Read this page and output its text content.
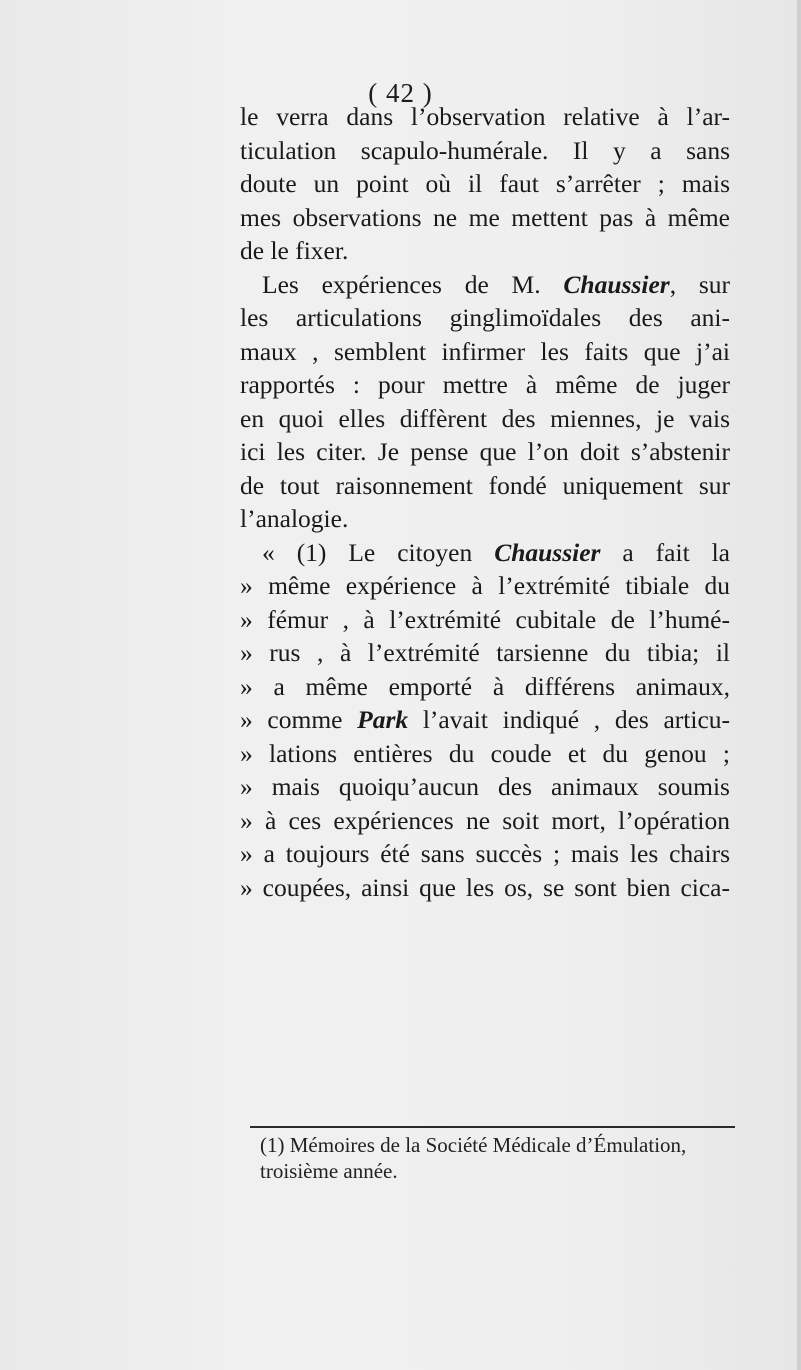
( 42 )
le verra dans l’observation relative à l’ar-
ticulation scapulo-humérale. Il y a sans
doute un point où il faut s’arrêter ; mais
mes observations ne me mettent pas à même
de le fixer.
Les expériences de M. Chaussier, sur
les articulations ginglimoïdales des ani-
maux , semblent infirmer les faits que j’ai
rapportés : pour mettre à même de juger
en quoi elles diffèrent des miennes, je vais
ici les citer. Je pense que l’on doit s’abstenir
de tout raisonnement fondé uniquement sur
l’analogie.
« (1) Le citoyen Chaussier a fait la
» même expérience à l’extrémité tibiale du
» fémur , à l’extrémité cubitale de l’humé-
» rus , à l’extrémité tarsienne du tibia; il
» a même emporté à différens animaux,
» comme Park l’avait indiqué , des articu-
» lations entières du coude et du genou ;
» mais quoiqu’aucun des animaux soumis
» à ces expériences ne soit mort, l’opération
» a toujours été sans succès ; mais les chairs
» coupées, ainsi que les os, se sont bien cica-
(1) Mémoires de la Société Médicale d’Émulation,
troisième année.
